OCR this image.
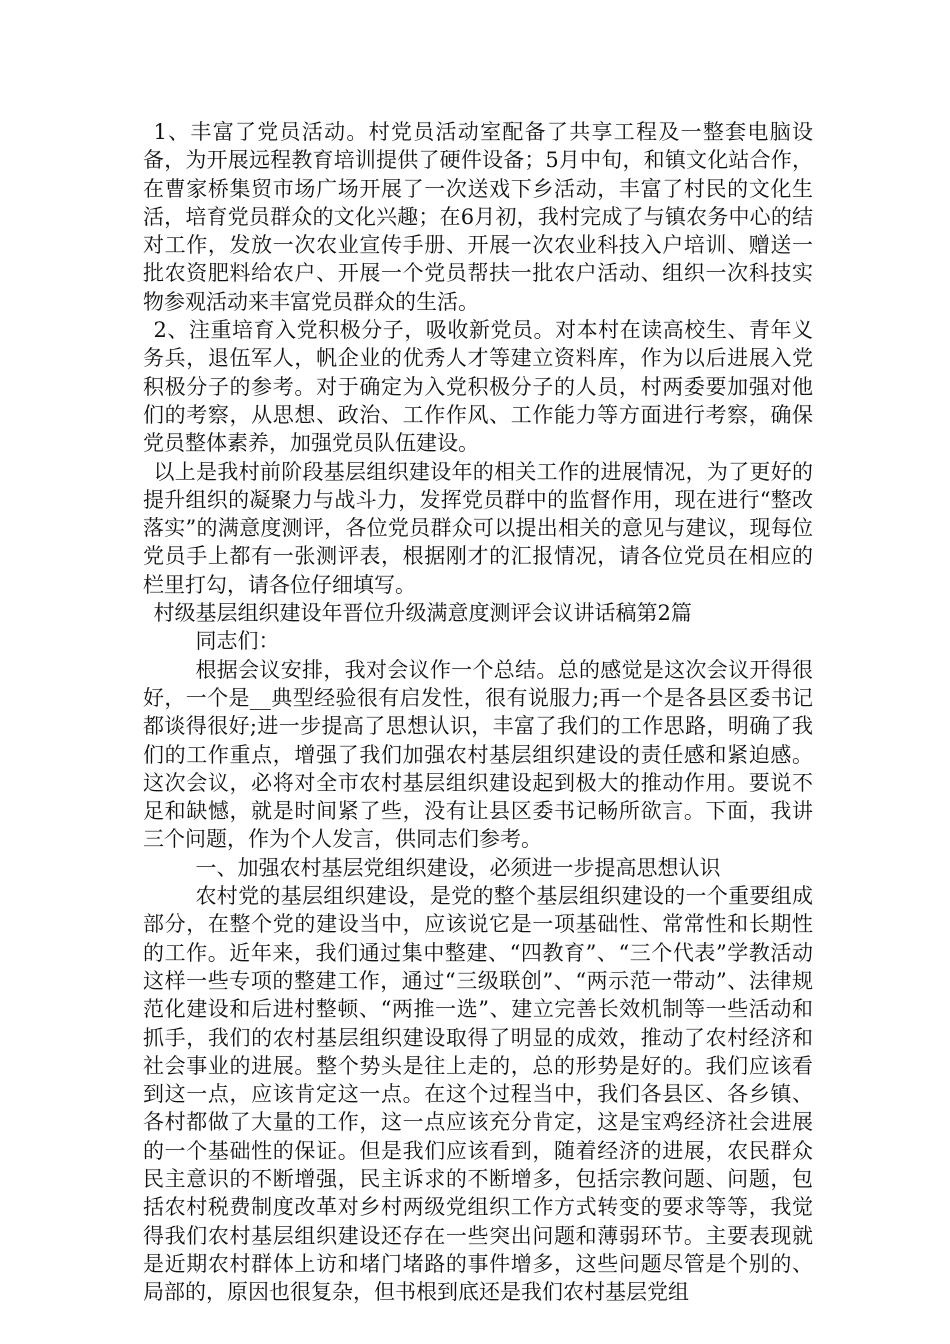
1、丰富了党员活动。村党员活动室配备了共享工程及一整套电脑设备，为开展远程教育培训提供了硬件设备；5月中旬，和镇文化站合作，在曹家桥集贸市场广场开展了一次送戏下乡活动，丰富了村民的文化生活，培育党员群众的文化兴趣；在6月初，我村完成了与镇农务中心的结对工作，发放一次农业宣传手册、开展一次农业科技入户培训、赠送一批农资肥料给农户、开展一个党员帮扶一批农户活动、组织一次科技实物参观活动来丰富党员群众的生活。

2、注重培育入党积极分子，吸收新党员。对本村在读高校生、青年义务兵，退伍军人，帆企业的优秀人才等建立资料库，作为以后进展入党积极分子的参考。对于确定为入党积极分子的人员，村两委要加强对他们的考察，从思想、政治、工作作风、工作能力等方面进行考察，确保党员整体素养，加强党员队伍建设。

以上是我村前阶段基层组织建设年的相关工作的进展情况，为了更好的提升组织的凝聚力与战斗力，发挥党员群中的监督作用，现在进行“整改落实”的满意度测评，各位党员群众可以提出相关的意见与建议，现每位党员手上都有一张测评表，根据刚才的汇报情况，请各位党员在相应的栏里打勾，请各位仔细填写。

村级基层组织建设年晋位升级满意度测评会议讲话稿第2篇

同志们：

根据会议安排，我对会议作一个总结。总的感觉是这次会议开得很好，一个是__典型经验很有启发性，很有说服力;再一个是各县区委书记都谈得很好;进一步提高了思想认识，丰富了我们的工作思路，明确了我们的工作重点，增强了我们加强农村基层组织建设的责任感和紧迫感。这次会议，必将对全市农村基层组织建设起到极大的推动作用。要说不足和缺憾，就是时间紧了些，没有让县区委书记畅所欲言。下面，我讲三个问题，作为个人发言，供同志们参考。

一、加强农村基层党组织建设，必须进一步提高思想认识

农村党的基层组织建设，是党的整个基层组织建设的一个重要组成部分，在整个党的建设当中，应该说它是一项基础性、常常性和长期性的工作。近年来，我们通过集中整建、“四教育”、“三个代表”学教活动这样一些专项的整建工作，通过“三级联创”、“两示范一带动”、法律规范化建设和后进村整顿、“两推一选”、建立完善长效机制等一些活动和抓手，我们的农村基层组织建设取得了明显的成效，推动了农村经济和社会事业的进展。整个势头是往上走的，总的形势是好的。我们应该看到这一点，应该肯定这一点。在这个过程当中，我们各县区、各乡镇、各村都做了大量的工作，这一点应该充分肯定，这是宝鸡经济社会进展的一个基础性的保证。但是我们应该看到，随着经济的进展，农民群众民主意识的不断增强，民主诉求的不断增多，包括宗教问题、问题，包括农村税费制度改革对乡村两级党组织工作方式转变的要求等等，我觉得我们农村基层组织建设还存在一些突出问题和薄弱环节。主要表现就是近期农村群体上访和堵门堵路的事件增多，这些问题尽管是个别的、局部的，原因也很复杂，但书根到底还是我们农村基层党组
